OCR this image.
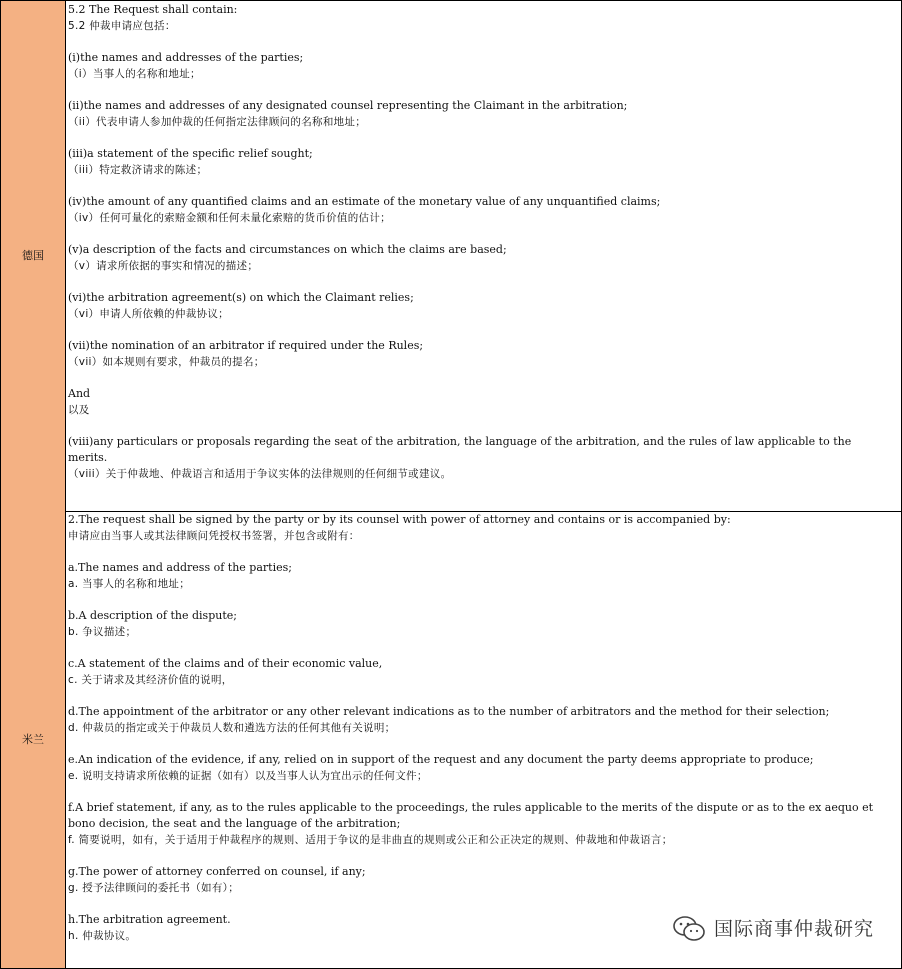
德国
5.2 The Request shall contain:
5.2 仲裁申请应包括：
(i)the names and addresses of the parties;
（i）当事人的名称和地址；
(ii)the names and addresses of any designated counsel representing the Claimant in the arbitration;
（ii）代表申请人参加仲裁的任何指定法律顾问的名称和地址；
(iii)a statement of the specific relief sought;
（iii）特定救济请求的陈述；
(iv)the amount of any quantified claims and an estimate of the monetary value of any unquantified claims;
（iv）任何可量化的索赔金额和任何未量化索赔的货币价值的估计；
(v)a description of the facts and circumstances on which the claims are based;
（v）请求所依据的事实和情况的描述；
(vi)the arbitration agreement(s) on which the Claimant relies;
（vi）申请人所依赖的仲裁协议；
(vii)the nomination of an arbitrator if required under the Rules;
（vii）如本规则有要求，仲裁员的提名；
And
以及
(viii)any particulars or proposals regarding the seat of the arbitration, the language of the arbitration, and the rules of law applicable to the merits.
（viii）关于仲裁地、仲裁语言和适用于争议实体的法律规则的任何细节或建议。
米兰
2.The request shall be signed by the party or by its counsel with power of attorney and contains or is accompanied by:
申请应由当事人或其法律顾问凭授权书签署，并包含或附有：
a.The names and address of the parties;
a. 当事人的名称和地址；
b.A description of the dispute;
b. 争议描述；
c.A statement of the claims and of their economic value,
c. 关于请求及其经济价值的说明，
d.The appointment of the arbitrator or any other relevant indications as to the number of arbitrators and the method for their selection;
d. 仲裁员的指定或关于仲裁员人数和遴选方法的任何其他有关说明；
e.An indication of the evidence, if any, relied on in support of the request and any document the party deems appropriate to produce;
e. 说明支持请求所依赖的证据（如有）以及当事人认为宜出示的任何文件；
f.A brief statement, if any, as to the rules applicable to the proceedings, the rules applicable to the merits of the dispute or as to the ex aequo et bono decision, the seat and the language of the arbitration;
f. 简要说明，如有，关于适用于仲裁程序的规则、适用于争议的是非曲直的规则或公正和公正决定的规则、仲裁地和仲裁语言；
g.The power of attorney conferred on counsel, if any;
g. 授予法律顾问的委托书（如有）；
h.The arbitration agreement.
h. 仲裁协议。	国际商事仲裁研究
